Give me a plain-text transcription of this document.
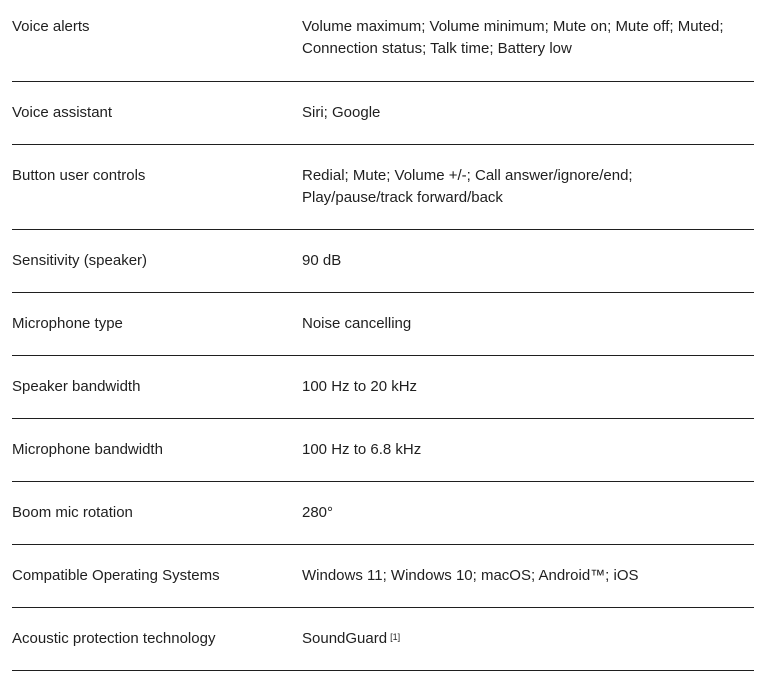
Voice alerts	Volume maximum; Volume minimum; Mute on; Mute off; Muted;
Connection status; Talk time; Battery low
Voice assistant	Siri; Google
Button user controls	Redial; Mute; Volume +/-; Call answer/ignore/end;
Play/pause/track forward/back
Sensitivity (speaker)	90 dB
Microphone type	Noise cancelling
Speaker bandwidth	100 Hz to 20 kHz
Microphone bandwidth	100 Hz to 6.8 kHz
Boom mic rotation	280°
Compatible Operating Systems	Windows 11; Windows 10; macOS; Android™; iOS
Acoustic protection technology	SoundGuard [1]
